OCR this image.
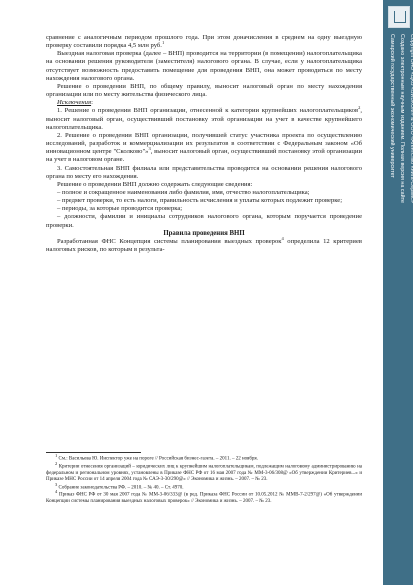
сравнение с аналогичным периодом прошлого года. При этом доначисления в среднем на одну выездную проверку составили порядка 4,5 млн руб.$^1$

Выездная налоговая проверка (далее – ВНП) проводится на территории (в помещении) налогоплательщика на основании решения руководителя (заместителя) налогового органа. В случае, если у налогоплательщика отсутствует возможность предоставить помещение для проведения ВНП, она может проводиться по месту нахождения налогового органа.

Решение о проведении ВНП, по общему правилу, выносит налоговый орган по месту нахождения организации или по месту жительства физического лица.

Исключения:

1. Решение о проведении ВНП организации, отнесенной к категории крупнейших налогоплательщиков$^2$, выносит налоговый орган, осуществивший постановку этой организации на учет в качестве крупнейшего налогоплательщика.

2. Решение о проведении ВНП организации, получившей статус участника проекта по осуществлению исследований, разработок и коммерциализации их результатов в соответствии с Федеральным законом «Об инновационном центре "Сколково"»$^3$, выносит налоговый орган, осуществивший постановку этой организации на учет в налоговом органе.

3. Самостоятельная ВНП филиала или представительства проводится на основании решения налогового органа по месту его нахождения.

Решение о проведении ВНП должно содержать следующие сведения:

– полное и сокращенное наименования либо фамилия, имя, отчество налогоплательщика;

– предмет проверки, то есть налоги, правильность исчисления и уплаты которых подлежит проверке;

– периоды, за которые проводится проверка;

– должности, фамилии и инициалы сотрудников налогового органа, которым поручается проведение проверки.

Правила проведения ВНП

Разработанная ФНС Концепция системы планирования выездных проверок$^4$ определила 12 критериев налоговых рисков, по которым в результа-

$^1$ См.: Васильева Ю. Инспектор уже на пороге // Российская бизнес-газета. – 2011. – 22 ноября.

$^2$ Критерии отнесения организаций – юридических лиц к крупнейшим налогоплательщикам, подлежащим налоговому администрированию на федеральном и региональном уровнях, установлены в Приказе ФНС РФ от 16 мая 2007 года № ММ-3-06/308@ «Об утверждении Критериев...» и Приказе МНС России от 14 апреля 2004 года № САЭ-3-30/290@» // Экономика и жизнь. – 2007. – № 23.

$^3$ Собрание законодательства РФ. – 2010. – № 40. – Ст. 4970.

$^4$ Приказ ФНС РФ от 30 мая 2007 года № ММ-3-06/333@ (в ред. Приказа ФНС России от 10.05.2012 № ММВ-7-2/297@) «Об утверждении Концепции системы планирования выездных налоговых проверок» // Экономика и жизнь. – 2007. – № 23.

Copyright ОАО «ЦКБ «БИБКОМ» & ООО «Aгентство Книга-Сервис»
Создано электронным научным изданием. Полная версия на сайте
Самарский государственный экономический университет
